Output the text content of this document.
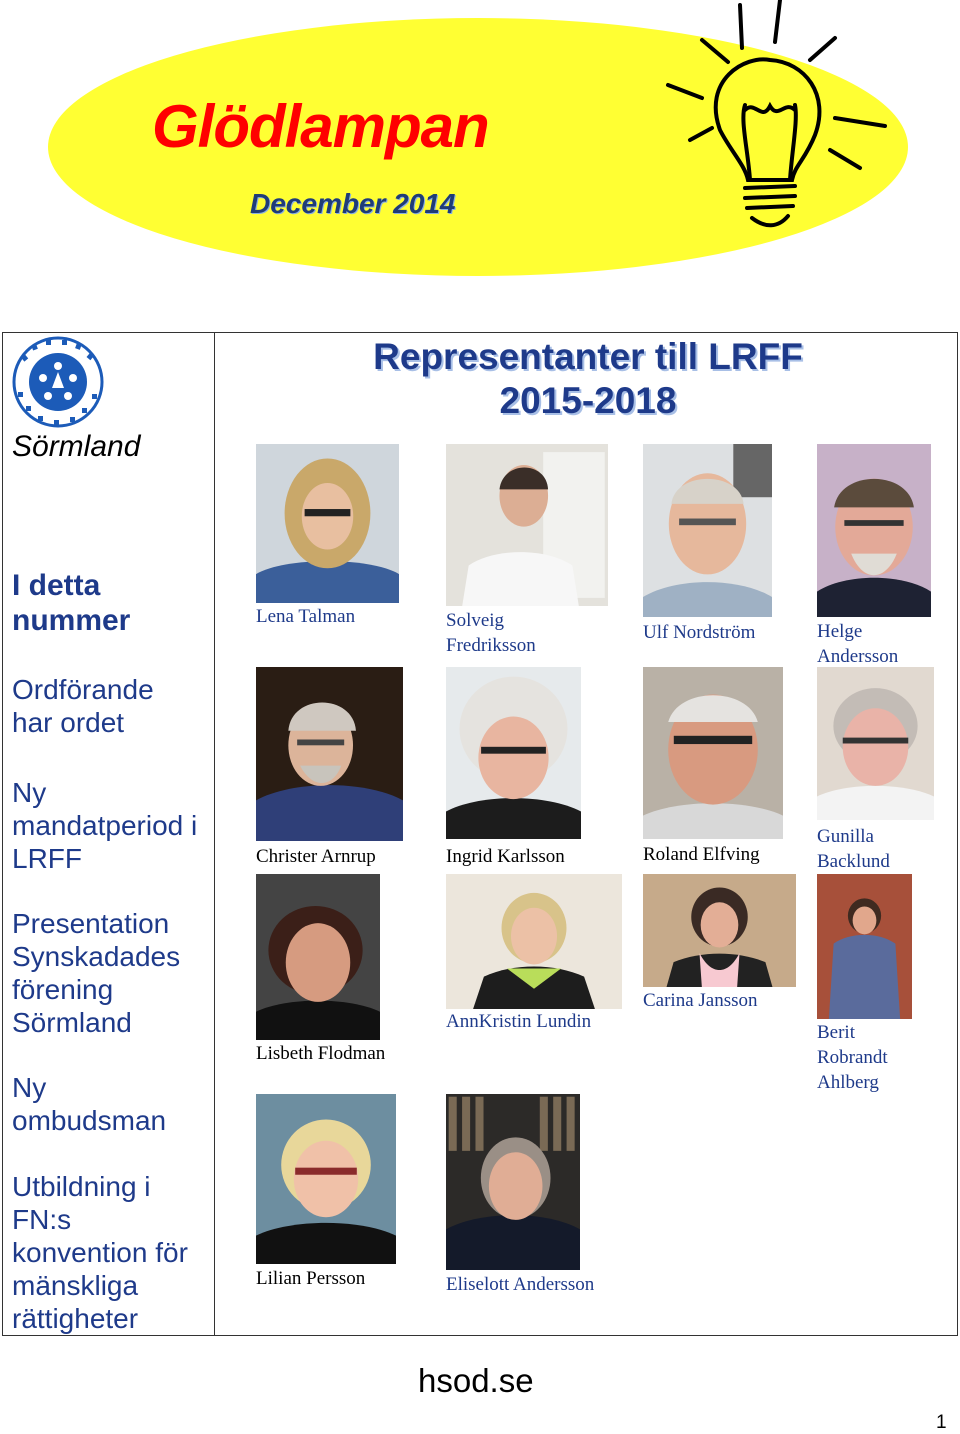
Glödlampan
December 2014
Sörmland
I detta nummer
Ordförande har ordet
Ny mandatperiod i LRFF
Presentation Synskadades förening Sörmland
Ny ombudsman
Utbildning i FN:s konvention för mänskliga rättigheter
Representanter till LRFF
2015-2018
Lena Talman	Solveig Fredriksson
Ulf Nordström	Helge Andersson
Christer Arnrup	Ingrid Karlsson	Roland Elfving
Gunilla Backlund
Lisbeth Flodman
AnnKristin Lundin
Carina Jansson
Berit Robrandt Ahlberg
Lilian Persson	Eliselott Andersson
hsod.se
1
